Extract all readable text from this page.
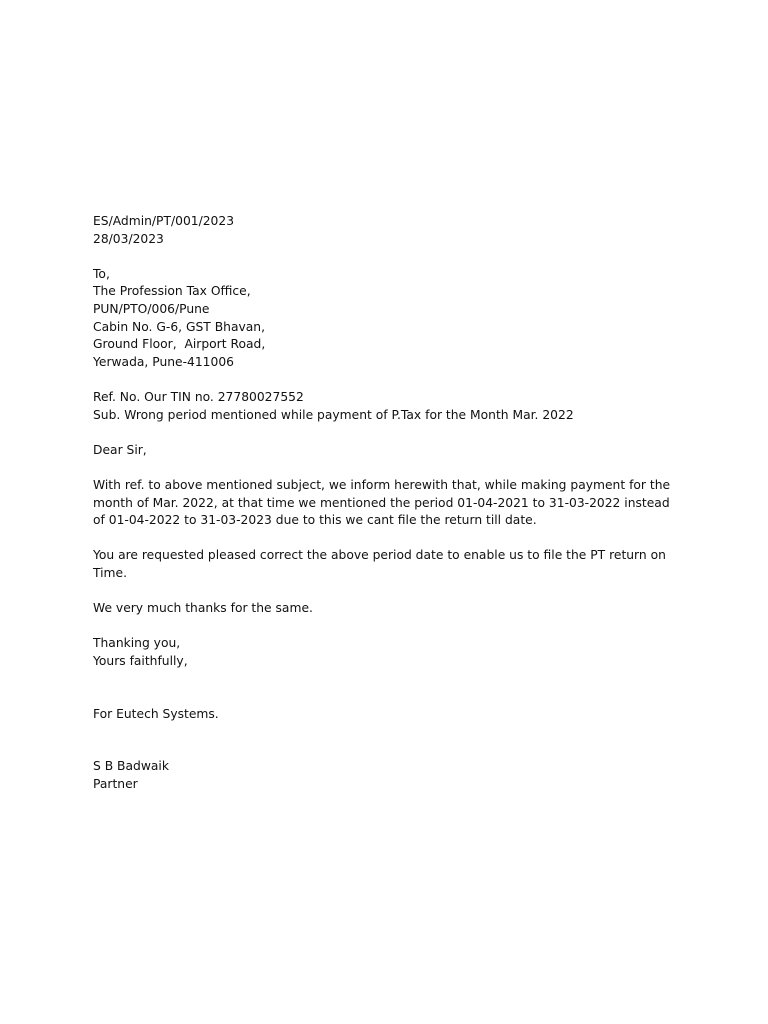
ES/Admin/PT/001/2023
28/03/2023
To,
The Profession Tax Office,
PUN/PTO/006/Pune
Cabin No. G-6, GST Bhavan,
Ground Floor,  Airport Road,
Yerwada, Pune-411006
Ref. No. Our TIN no. 27780027552
Sub. Wrong period mentioned while payment of P.Tax for the Month Mar. 2022
Dear Sir,
With ref. to above mentioned subject, we inform herewith that, while making payment for the
month of Mar. 2022, at that time we mentioned the period 01-04-2021 to 31-03-2022 instead
of 01-04-2022 to 31-03-2023 due to this we cant file the return till date.
You are requested pleased correct the above period date to enable us to file the PT return on
Time.
We very much thanks for the same.
Thanking you,
Yours faithfully,
For Eutech Systems.
S B Badwaik
Partner
